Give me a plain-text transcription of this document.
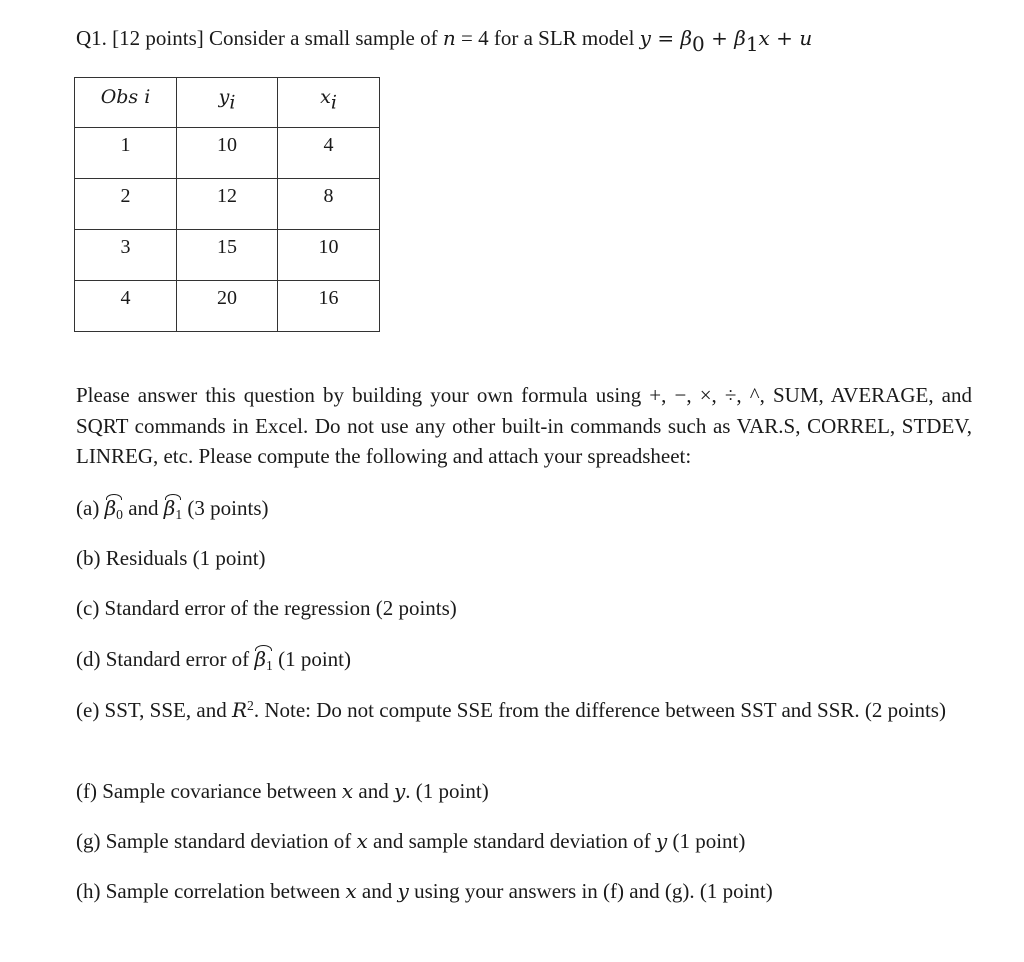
Q1. [12 points] Consider a small sample of n = 4 for a SLR model $y = \beta_0 + \beta_1x + u$
Obs i	$y_i$	$x_i$
1	10	4
2	12	8
3	15	10
4	20	16
Please answer this question by building your own formula using +, −, ×, ÷, ^, SUM, AVERAGE, and SQRT commands in Excel. Do not use any other built-in commands such as VAR.S, CORREL, STDEV, LINREG, etc. Please compute the following and attach your spreadsheet:
(a) $\beta_0$ and $\beta_1$ (3 points)
(b) Residuals (1 point)
(c) Standard error of the regression (2 points)
(d) Standard error of $\beta_1$ (1 point)
(e) SST, SSE, and $R^2$. Note: Do not compute SSE from the difference between SST and SSR. (2 points)
(f) Sample covariance between x and y. (1 point)
(g) Sample standard deviation of x and sample standard deviation of y (1 point)
(h) Sample correlation between x and y using your answers in (f) and (g). (1 point)
